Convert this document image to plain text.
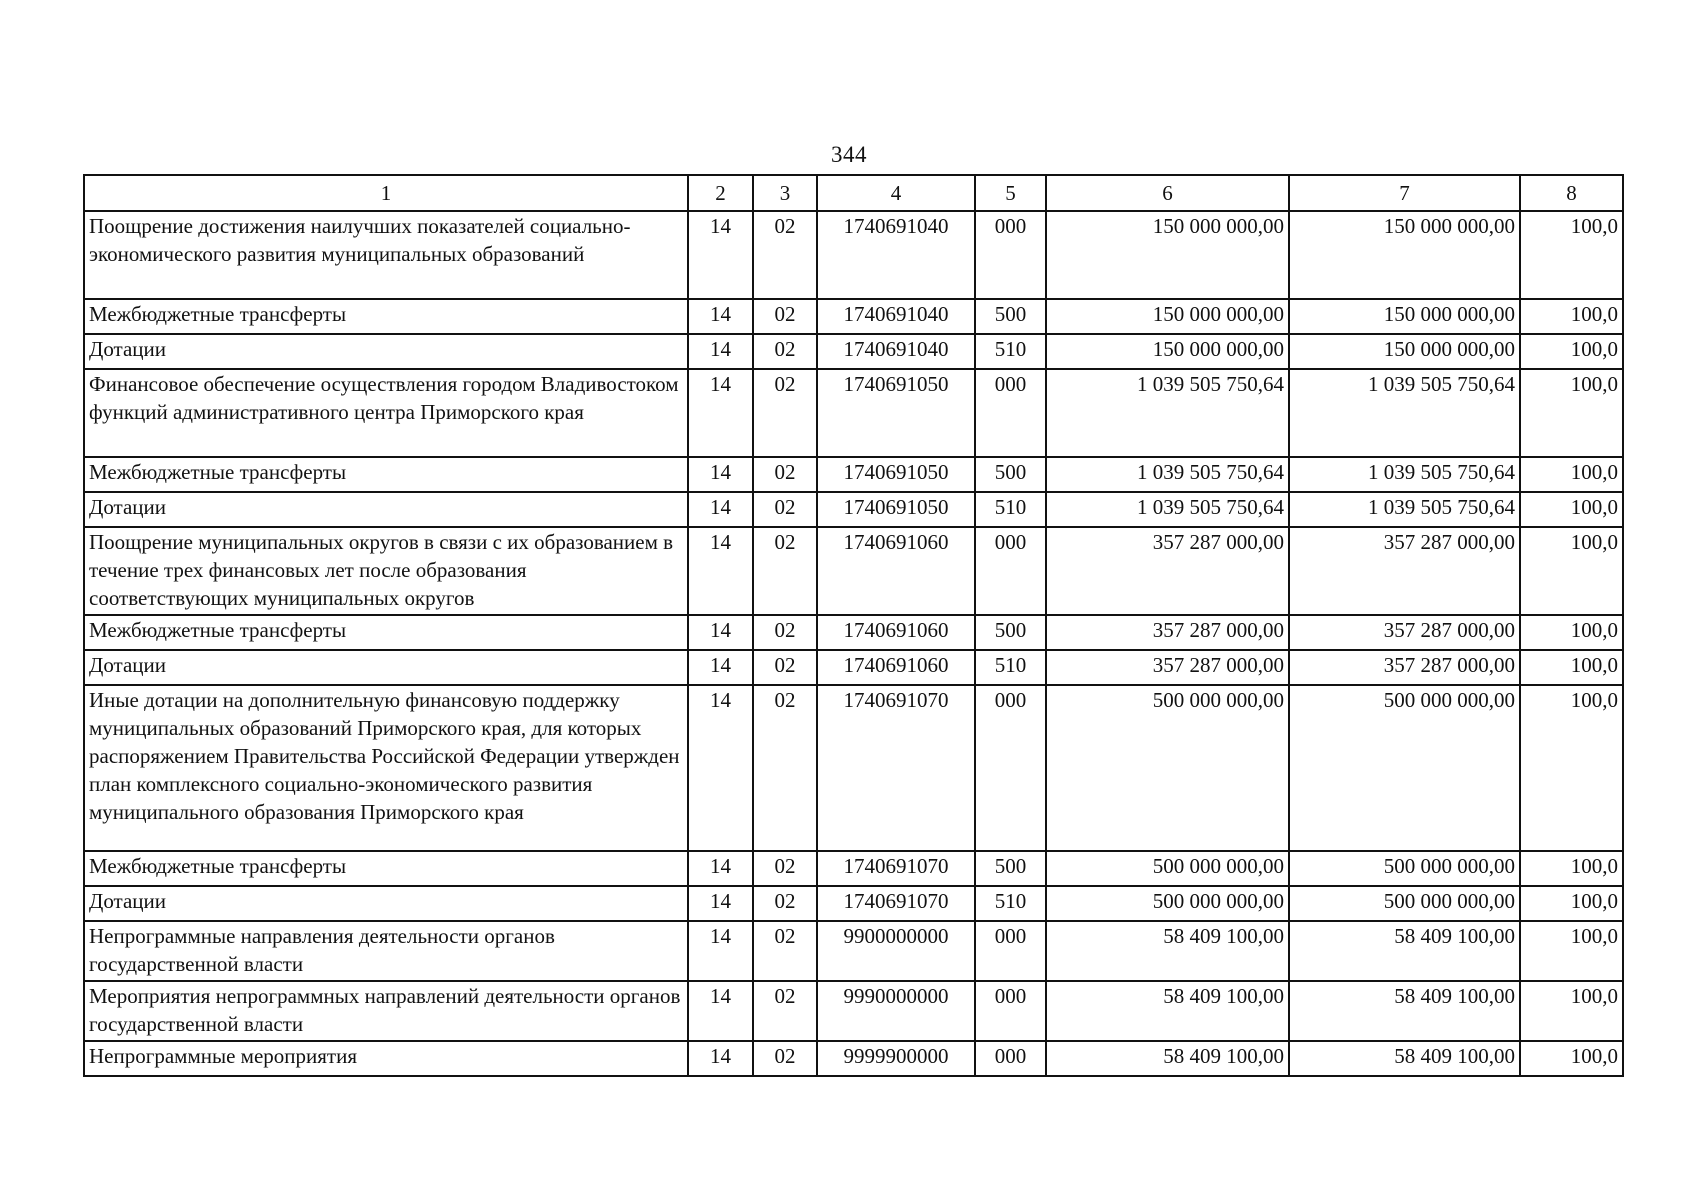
344
1	2	3	4	5	6	7	8
Поощрение достижения наилучших показателей социально-экономического развития муниципальных образований	14	02	1740691040	000	150 000 000,00	150 000 000,00	100,0
Межбюджетные трансферты	14	02	1740691040	500	150 000 000,00	150 000 000,00	100,0
Дотации	14	02	1740691040	510	150 000 000,00	150 000 000,00	100,0
Финансовое обеспечение осуществления городом Владивостоком функций административного центра Приморского края	14	02	1740691050	000	1 039 505 750,64	1 039 505 750,64	100,0
Межбюджетные трансферты	14	02	1740691050	500	1 039 505 750,64	1 039 505 750,64	100,0
Дотации	14	02	1740691050	510	1 039 505 750,64	1 039 505 750,64	100,0
Поощрение муниципальных округов в связи с их образованием в течение трех финансовых лет после образования соответствующих муниципальных округов	14	02	1740691060	000	357 287 000,00	357 287 000,00	100,0
Межбюджетные трансферты	14	02	1740691060	500	357 287 000,00	357 287 000,00	100,0
Дотации	14	02	1740691060	510	357 287 000,00	357 287 000,00	100,0
Иные дотации на дополнительную финансовую поддержку муниципальных образований Приморского края, для которых распоряжением Правительства Российской Федерации утвержден план комплексного социально-экономического развития муниципального образования Приморского края	14	02	1740691070	000	500 000 000,00	500 000 000,00	100,0
Межбюджетные трансферты	14	02	1740691070	500	500 000 000,00	500 000 000,00	100,0
Дотации	14	02	1740691070	510	500 000 000,00	500 000 000,00	100,0
Непрограммные направления деятельности органов государственной власти	14	02	9900000000	000	58 409 100,00	58 409 100,00	100,0
Мероприятия непрограммных направлений деятельности органов государственной власти	14	02	9990000000	000	58 409 100,00	58 409 100,00	100,0
Непрограммные мероприятия	14	02	9999900000	000	58 409 100,00	58 409 100,00	100,0
